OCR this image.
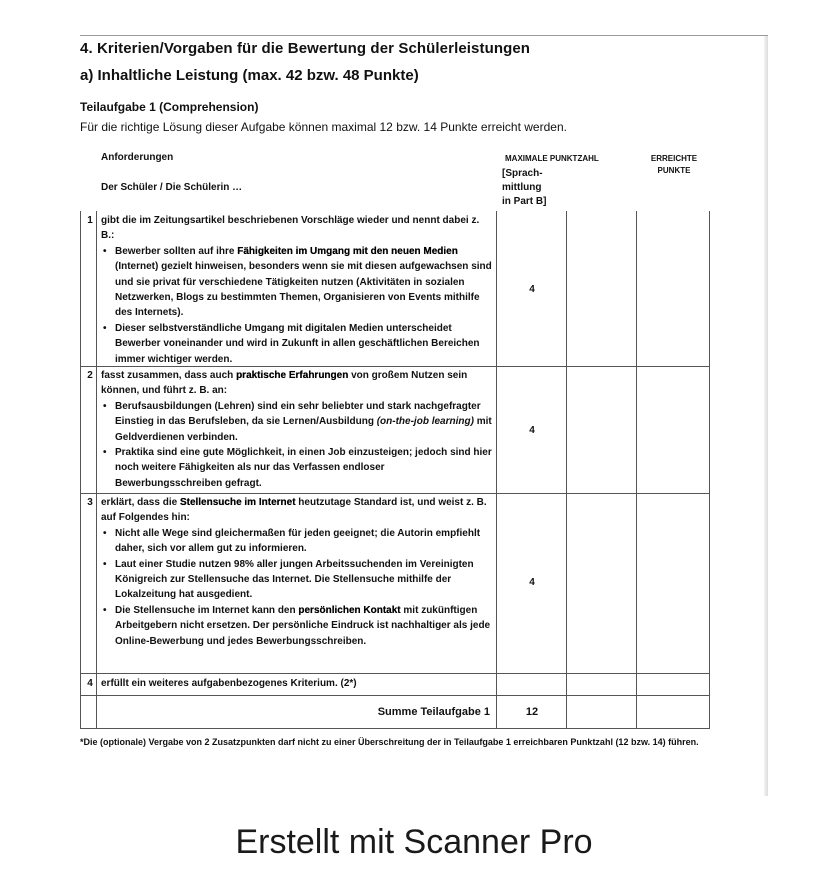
4. Kriterien/Vorgaben für die Bewertung der Schülerleistungen
a) Inhaltliche Leistung (max. 42 bzw. 48 Punkte)
Teilaufgabe 1 (Comprehension)
Für die richtige Lösung dieser Aufgabe können maximal 12 bzw. 14 Punkte erreicht werden.
Anforderungen
Der Schüler / Die Schülerin …
MAXIMALE PUNKTZAHL
[Sprach-
mittlung
in Part B]
ERREICHTE
PUNKTE
1 gibt die im Zeitungsartikel beschriebenen Vorschläge wieder und nennt dabei z. B.:
• Bewerber sollten auf ihre Fähigkeiten im Umgang mit den neuen Medien (Internet) gezielt hinweisen, besonders wenn sie mit diesen aufgewachsen sind und sie privat für verschiedene Tätigkeiten nutzen (Aktivitäten in sozialen Netzwerken, Blogs zu bestimmten Themen, Organisieren von Events mithilfe des Internets).
• Dieser selbstverständliche Umgang mit digitalen Medien unterscheidet Bewerber voneinander und wird in Zukunft in allen geschäftlichen Bereichen immer wichtiger werden.
4
2 fasst zusammen, dass auch praktische Erfahrungen von großem Nutzen sein können, und führt z. B. an:
• Berufsausbildungen (Lehren) sind ein sehr beliebter und stark nachgefragter Einstieg in das Berufsleben, da sie Lernen/Ausbildung (on-the-job learning) mit Geldverdienen verbinden.
• Praktika sind eine gute Möglichkeit, in einen Job einzusteigen; jedoch sind hier noch weitere Fähigkeiten als nur das Verfassen endloser Bewerbungsschreiben gefragt.
4
3 erklärt, dass die Stellensuche im Internet heutzutage Standard ist, und weist z. B. auf Folgendes hin:
• Nicht alle Wege sind gleichermaßen für jeden geeignet; die Autorin empfiehlt daher, sich vor allem gut zu informieren.
• Laut einer Studie nutzen 98% aller jungen Arbeitssuchenden im Vereinigten Königreich zur Stellensuche das Internet. Die Stellensuche mithilfe der Lokalzeitung hat ausgedient.
• Die Stellensuche im Internet kann den persönlichen Kontakt mit zukünftigen Arbeitgebern nicht ersetzen. Der persönliche Eindruck ist nachhaltiger als jede Online-Bewerbung und jedes Bewerbungsschreiben.
4
4 erfüllt ein weiteres aufgabenbezogenes Kriterium. (2*)
Summe Teilaufgabe 1	12
*Die (optionale) Vergabe von 2 Zusatzpunkten darf nicht zu einer Überschreitung der in Teilaufgabe 1 erreichbaren Punktzahl (12 bzw. 14) führen.
Erstellt mit Scanner Pro
